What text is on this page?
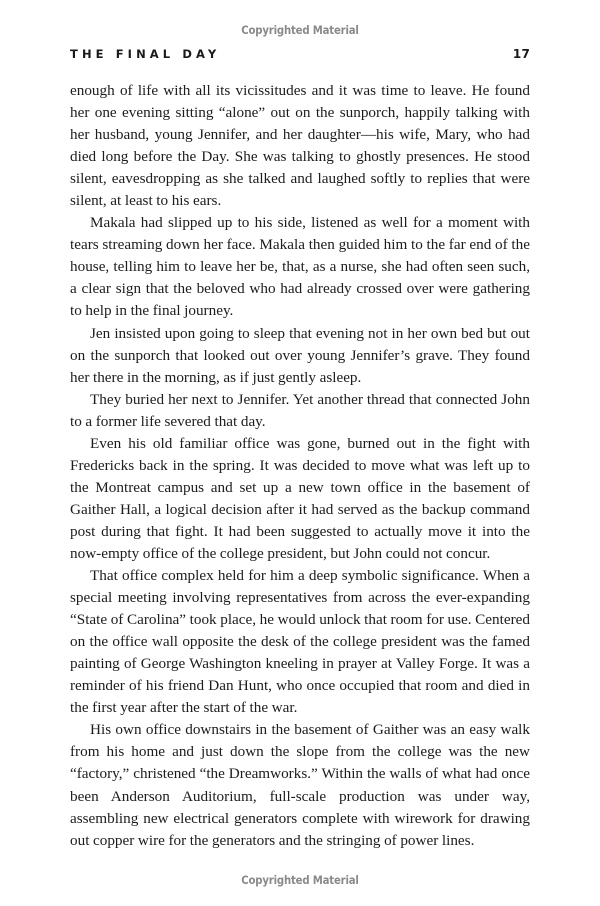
Copyrighted Material
THE FINAL DAY	17

enough of life with all its vicissitudes and it was time to leave. He found her one evening sitting “alone” out on the sunporch, happily talking with her husband, young Jennifer, and her daughter—his wife, Mary, who had died long before the Day. She was talking to ghostly presences. He stood silent, eavesdropping as she talked and laughed softly to replies that were silent, at least to his ears.

Makala had slipped up to his side, listened as well for a moment with tears streaming down her face. Makala then guided him to the far end of the house, telling him to leave her be, that, as a nurse, she had often seen such, a clear sign that the beloved who had already crossed over were gathering to help in the final journey.

Jen insisted upon going to sleep that evening not in her own bed but out on the sunporch that looked out over young Jennifer’s grave. They found her there in the morning, as if just gently asleep.

They buried her next to Jennifer. Yet another thread that connected John to a former life severed that day.

Even his old familiar office was gone, burned out in the fight with Fredericks back in the spring. It was decided to move what was left up to the Montreat campus and set up a new town office in the basement of Gaither Hall, a logical decision after it had served as the backup command post during that fight. It had been suggested to actually move it into the now-empty office of the college president, but John could not concur.

That office complex held for him a deep symbolic significance. When a special meeting involving representatives from across the ever-expanding “State of Carolina” took place, he would unlock that room for use. Centered on the office wall opposite the desk of the college president was the famed painting of George Washington kneeling in prayer at Valley Forge. It was a reminder of his friend Dan Hunt, who once occupied that room and died in the first year after the start of the war.

His own office downstairs in the basement of Gaither was an easy walk from his home and just down the slope from the college was the new “factory,” christened “the Dreamworks.” Within the walls of what had once been Anderson Auditorium, full-scale production was under way, assembling new electrical generators complete with wirework for drawing out copper wire for the generators and the stringing of power lines.

Copyrighted Material
